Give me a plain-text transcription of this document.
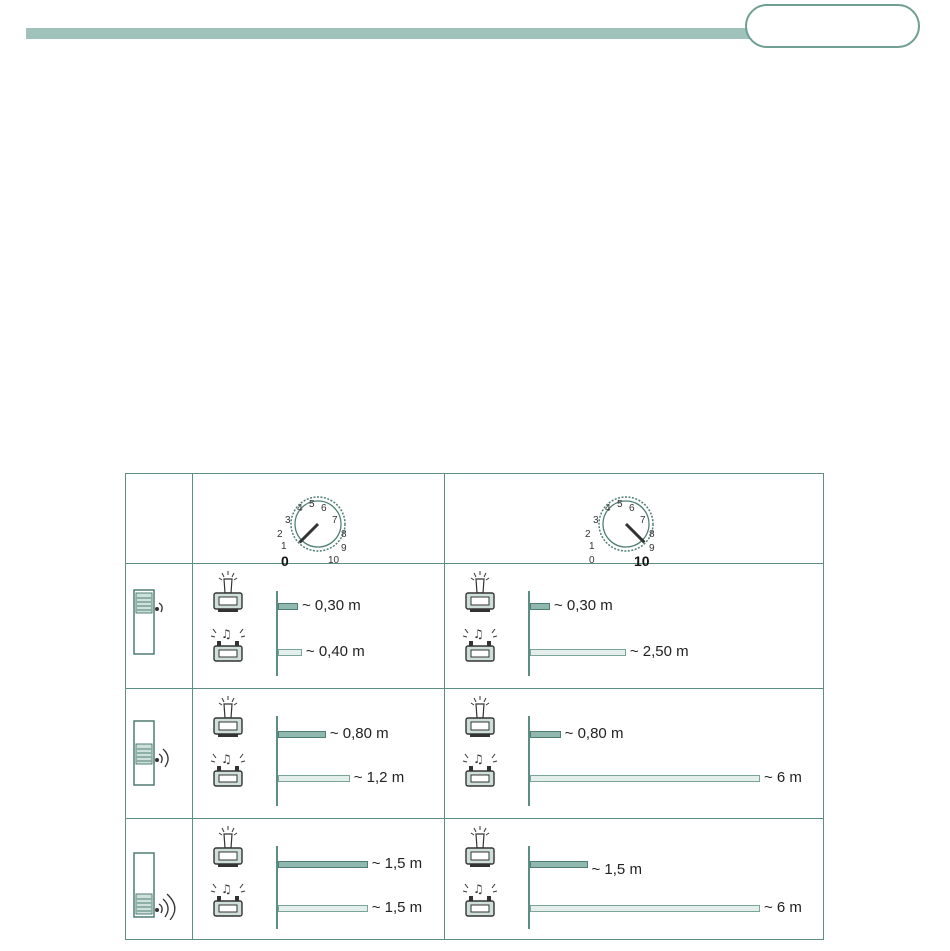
0
1
2
3
4 5 6
7
8
9
10	0
1
2
3
4 5 6
7
8
9
10
♫
~ 0,30 m
~ 0,40 m
♫
~ 0,30 m
~ 2,50 m
♫
~ 0,80 m
~ 1,2 m
♫
~ 0,80 m
~ 6 m
♫
~ 1,5 m
~ 1,5 m
♫
~ 1,5 m
~ 6 m
